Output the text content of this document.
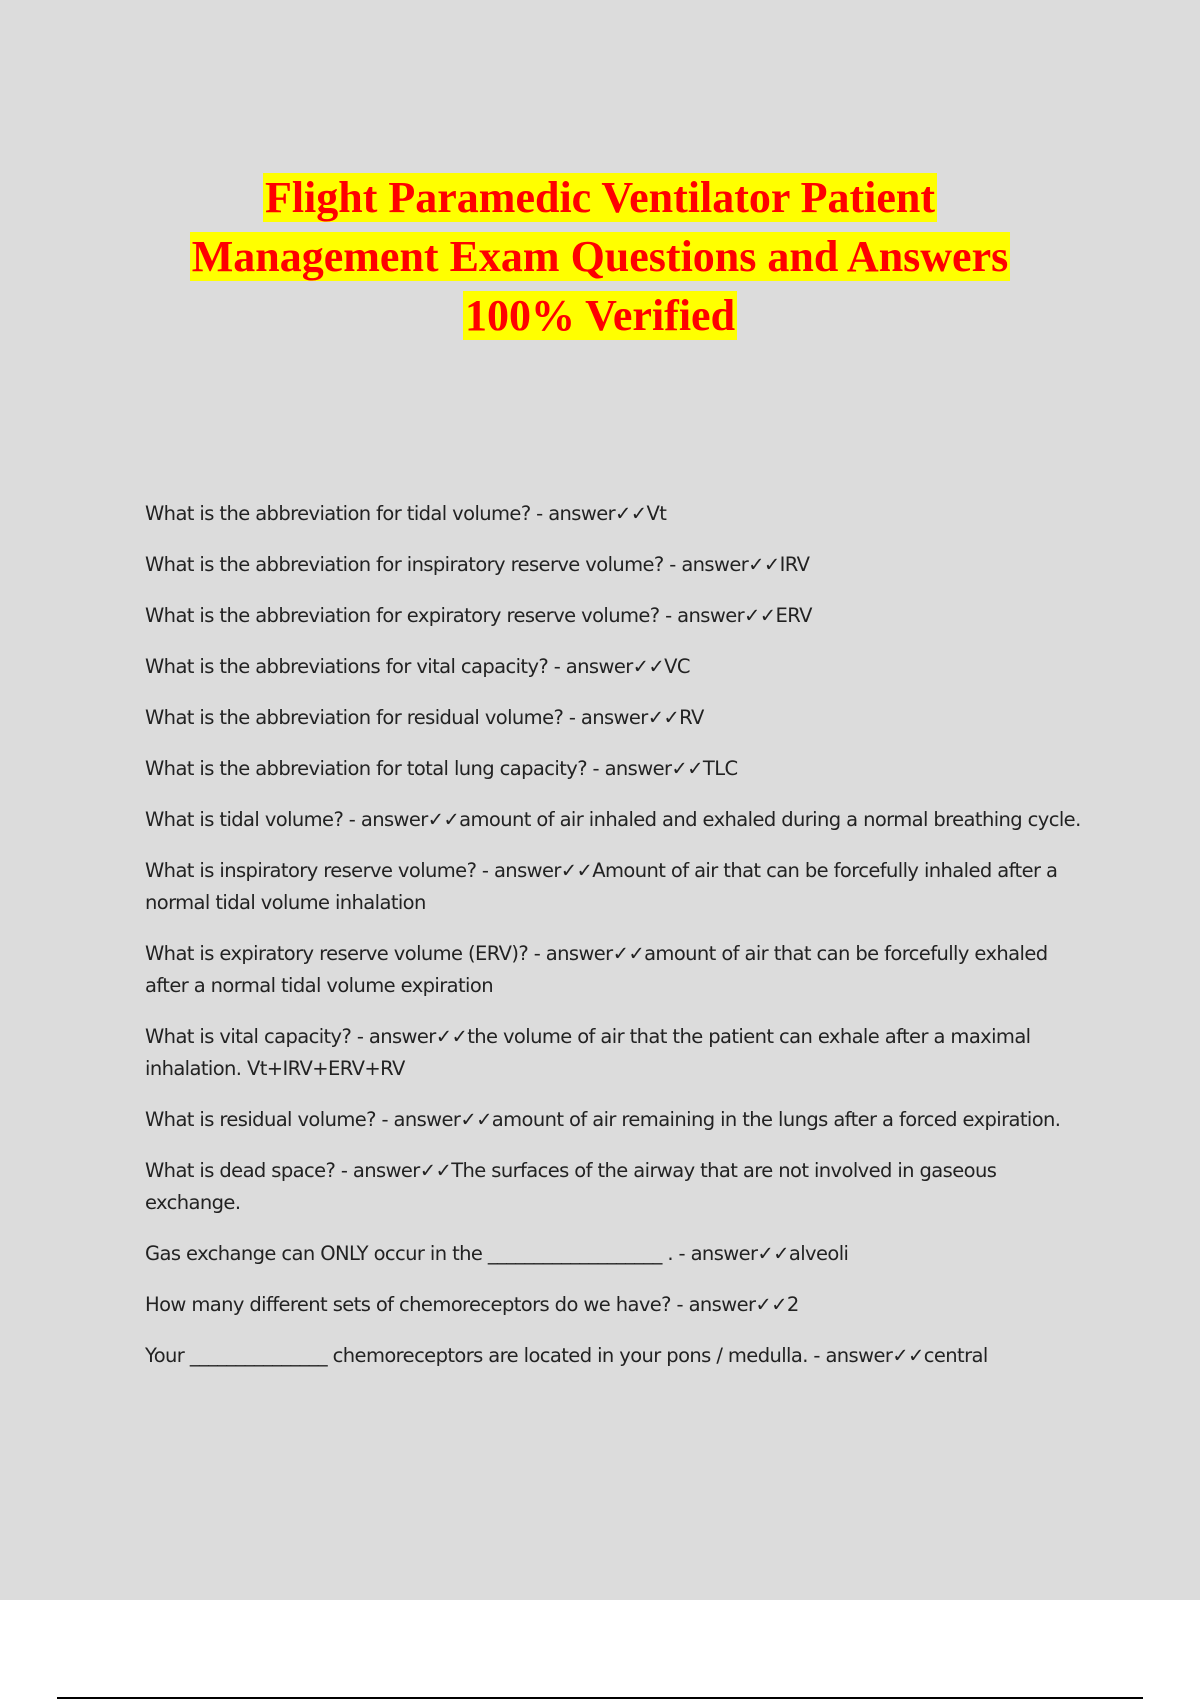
Flight Paramedic Ventilator Patient
Management Exam Questions and Answers
100% Verified
What is the abbreviation for tidal volume? - answer✓✓Vt
What is the abbreviation for inspiratory reserve volume? - answer✓✓IRV
What is the abbreviation for expiratory reserve volume? - answer✓✓ERV
What is the abbreviations for vital capacity? - answer✓✓VC
What is the abbreviation for residual volume? - answer✓✓RV
What is the abbreviation for total lung capacity? - answer✓✓TLC
What is tidal volume? - answer✓✓amount of air inhaled and exhaled during a normal breathing cycle.
What is inspiratory reserve volume? - answer✓✓Amount of air that can be forcefully inhaled after a normal tidal volume inhalation
What is expiratory reserve volume (ERV)? - answer✓✓amount of air that can be forcefully exhaled after a normal tidal volume expiration
What is vital capacity? - answer✓✓the volume of air that the patient can exhale after a maximal inhalation. Vt+IRV+ERV+RV
What is residual volume? - answer✓✓amount of air remaining in the lungs after a forced expiration.
What is dead space? - answer✓✓The surfaces of the airway that are not involved in gaseous exchange.
Gas exchange can ONLY occur in the ___________________ . - answer✓✓alveoli
How many different sets of chemoreceptors do we have? - answer✓✓2
Your _______________ chemoreceptors are located in your pons / medulla. - answer✓✓central
